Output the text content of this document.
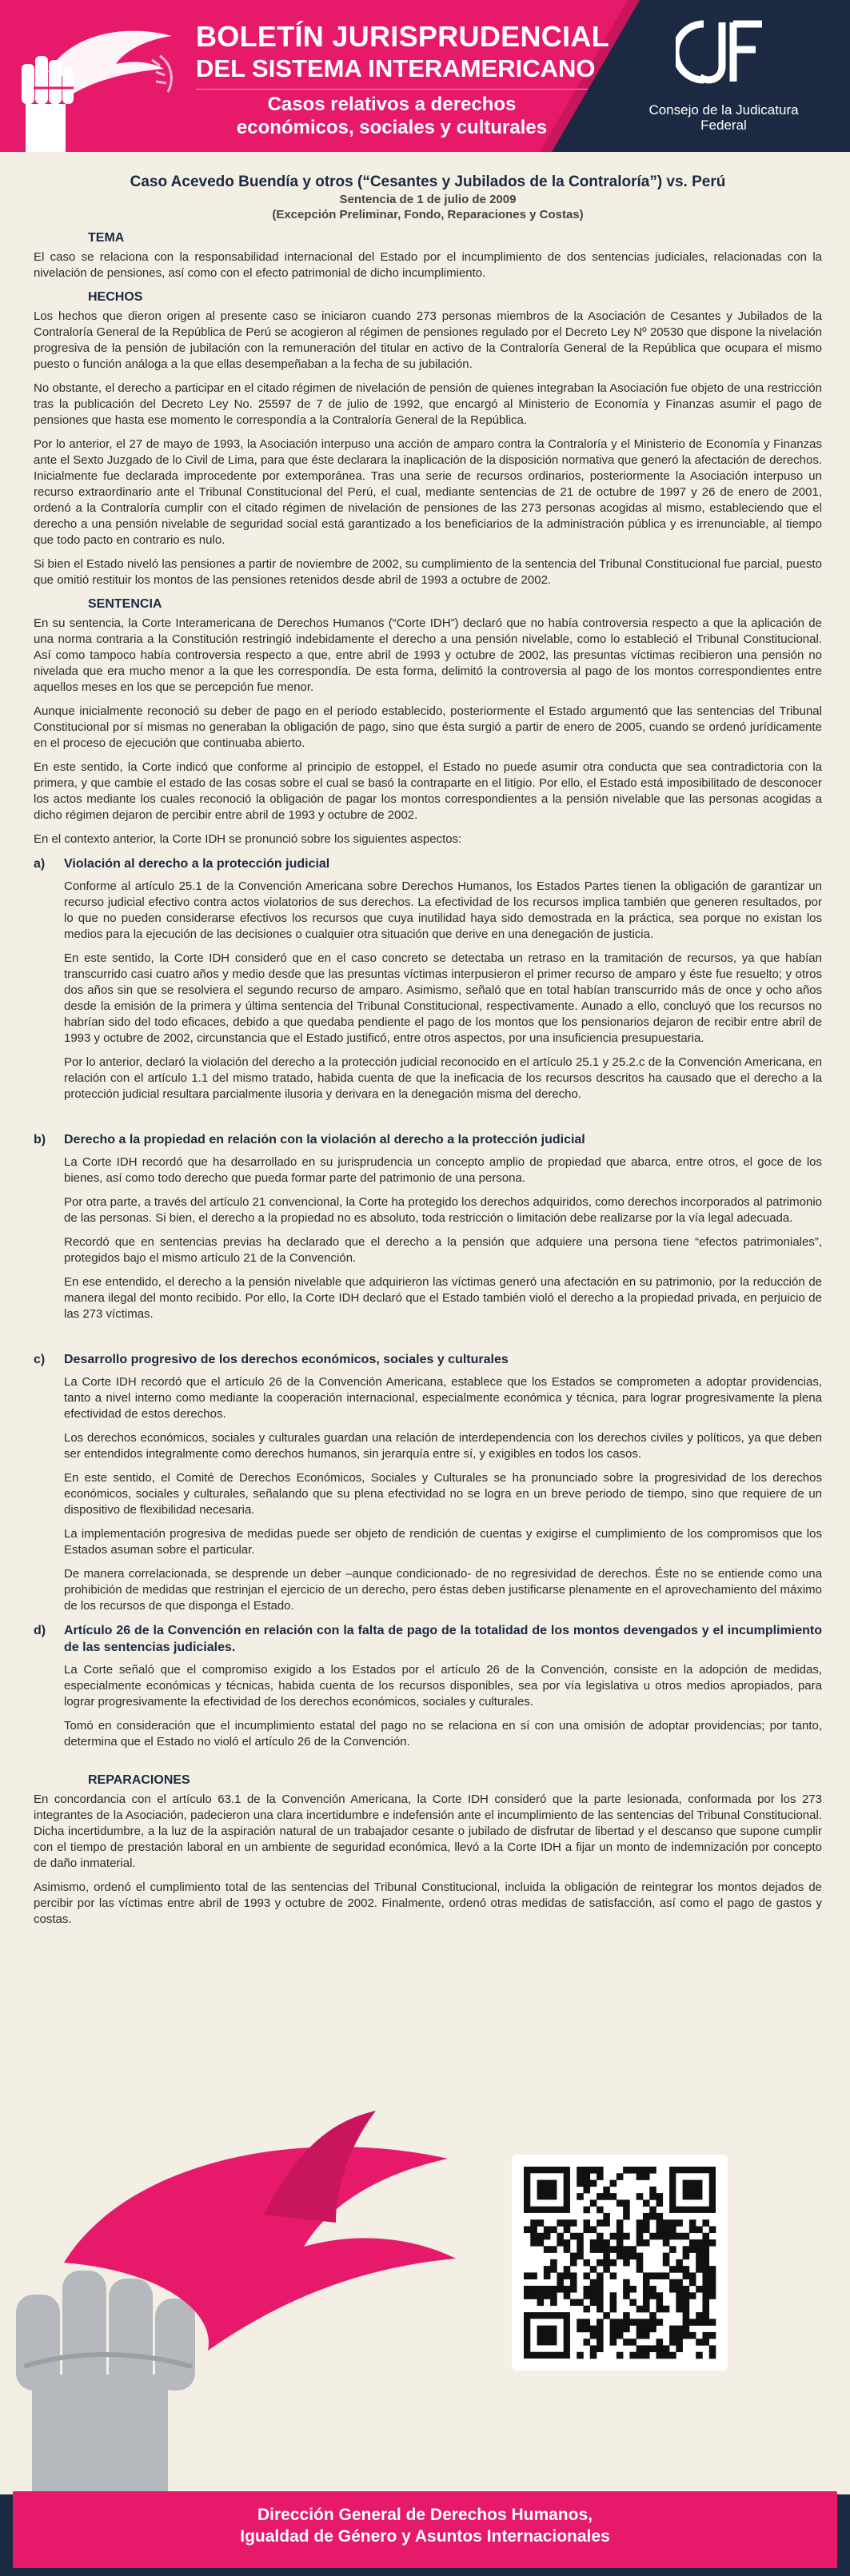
BOLETÍN JURISPRUDENCIAL
DEL SISTEMA INTERAMERICANO

Casos relativos a derechos económicos, sociales y culturales

Consejo de la Judicatura Federal

Caso Acevedo Buendía y otros (“Cesantes y Jubilados de la Contraloría”) vs. Perú

Sentencia de 1 de julio de 2009

(Excepción Preliminar, Fondo, Reparaciones y Costas)

TEMA

El caso se relaciona con la responsabilidad internacional del Estado por el incumplimiento de dos sentencias judiciales, relacionadas con la nivelación de pensiones, así como con el efecto patrimonial de dicho incumplimiento.

HECHOS

Los hechos que dieron origen al presente caso se iniciaron cuando 273 personas miembros de la Asociación de Cesantes y Jubilados de la Contraloría General de la República de Perú se acogieron al régimen de pensiones regulado por el Decreto Ley Nº 20530 que dispone la nivelación progresiva de la pensión de jubilación con la remuneración del titular en activo de la Contraloría General de la República que ocupara el mismo puesto o función análoga a la que ellas desempeñaban a la fecha de su jubilación.

No obstante, el derecho a participar en el citado régimen de nivelación de pensión de quienes integraban la Asociación fue objeto de una restricción tras la publicación del Decreto Ley No. 25597 de 7 de julio de 1992, que encargó al Ministerio de Economía y Finanzas asumir el pago de pensiones que hasta ese momento le correspondía a la Contraloría General de la República.

Por lo anterior, el 27 de mayo de 1993, la Asociación interpuso una acción de amparo contra la Contraloría y el Ministerio de Economía y Finanzas ante el Sexto Juzgado de lo Civil de Lima, para que éste declarara la inaplicación de la disposición normativa que generó la afectación de derechos. Inicialmente fue declarada improcedente por extemporánea. Tras una serie de recursos ordinarios, posteriormente la Asociación interpuso un recurso extraordinario ante el Tribunal Constitucional del Perú, el cual, mediante sentencias de 21 de octubre de 1997 y 26 de enero de 2001, ordenó a la Contraloría cumplir con el citado régimen de nivelación de pensiones de las 273 personas acogidas al mismo, estableciendo que el derecho a una pensión nivelable de seguridad social está garantizado a los beneficiarios de la administración pública y es irrenunciable, al tiempo que todo pacto en contrario es nulo.

Si bien el Estado niveló las pensiones a partir de noviembre de 2002, su cumplimiento de la sentencia del Tribunal Constitucional fue parcial, puesto que omitió restituir los montos de las pensiones retenidos desde abril de 1993 a octubre de 2002.

SENTENCIA

En su sentencia, la Corte Interamericana de Derechos Humanos (“Corte IDH”) declaró que no había controversia respecto a que la aplicación de una norma contraria a la Constitución restringió indebidamente el derecho a una pensión nivelable, como lo estableció el Tribunal Constitucional. Así como tampoco había controversia respecto a que, entre abril de 1993 y octubre de 2002, las presuntas víctimas recibieron una pensión no nivelada que era mucho menor a la que les correspondía. De esta forma, delimitó la controversia al pago de los montos correspondientes entre aquellos meses en los que se percepción fue menor.

Aunque inicialmente reconoció su deber de pago en el periodo establecido, posteriormente el Estado argumentó que las sentencias del Tribunal Constitucional por sí mismas no generaban la obligación de pago, sino que ésta surgió a partir de enero de 2005, cuando se ordenó jurídicamente en el proceso de ejecución que continuaba abierto.

En este sentido, la Corte indicó que conforme al principio de estoppel, el Estado no puede asumir otra conducta que sea contradictoria con la primera, y que cambie el estado de las cosas sobre el cual se basó la contraparte en el litigio. Por ello, el Estado está imposibilitado de desconocer los actos mediante los cuales reconoció la obligación de pagar los montos correspondientes a la pensión nivelable que las personas acogidas a dicho régimen dejaron de percibir entre abril de 1993 y octubre de 2002.

En el contexto anterior, la Corte IDH se pronunció sobre los siguientes aspectos:

a)	Violación al derecho a la protección judicial

Conforme al artículo 25.1 de la Convención Americana sobre Derechos Humanos, los Estados Partes tienen la obligación de garantizar un recurso judicial efectivo contra actos violatorios de sus derechos. La efectividad de los recursos implica también que generen resultados, por lo que no pueden considerarse efectivos los recursos que cuya inutilidad haya sido demostrada en la práctica, sea porque no existan los medios para la ejecución de las decisiones o cualquier otra situación que derive en una denegación de justicia.

En este sentido, la Corte IDH consideró que en el caso concreto se detectaba un retraso en la tramitación de recursos, ya que habían transcurrido casi cuatro años y medio desde que las presuntas víctimas interpusieron el primer recurso de amparo y éste fue resuelto; y otros dos años sin que se resolviera el segundo recurso de amparo. Asimismo, señaló que en total habían transcurrido más de once y ocho años desde la emisión de la primera y última sentencia del Tribunal Constitucional, respectivamente. Aunado a ello, concluyó que los recursos no habrían sido del todo eficaces, debido a que quedaba pendiente el pago de los montos que los pensionarios dejaron de recibir entre abril de 1993 y octubre de 2002, circunstancia que el Estado justificó, entre otros aspectos, por una insuficiencia presupuestaria.

Por lo anterior, declaró la violación del derecho a la protección judicial reconocido en el artículo 25.1 y 25.2.c de la Convención Americana, en relación con el artículo 1.1 del mismo tratado, habida cuenta de que la ineficacia de los recursos descritos ha causado que el derecho a la protección judicial resultara parcialmente ilusoria y derivara en la denegación misma del derecho.

b)	Derecho a la propiedad en relación con la violación al derecho a la protección judicial

La Corte IDH recordó que ha desarrollado en su jurisprudencia un concepto amplio de propiedad que abarca, entre otros, el goce de los bienes, así como todo derecho que pueda formar parte del patrimonio de una persona.

Por otra parte, a través del artículo 21 convencional, la Corte ha protegido los derechos adquiridos, como derechos incorporados al patrimonio de las personas. Si bien, el derecho a la propiedad no es absoluto, toda restricción o limitación debe realizarse por la vía legal adecuada.

Recordó que en sentencias previas ha declarado que el derecho a la pensión que adquiere una persona tiene “efectos patrimoniales”, protegidos bajo el mismo artículo 21 de la Convención.

En ese entendido, el derecho a la pensión nivelable que adquirieron las víctimas generó una afectación en su patrimonio, por la reducción de manera ilegal del monto recibido. Por ello, la Corte IDH declaró que el Estado también violó el derecho a la propiedad privada, en perjuicio de las 273 víctimas.

c)	Desarrollo progresivo de los derechos económicos, sociales y culturales

La Corte IDH recordó que el artículo 26 de la Convención Americana, establece que los Estados se comprometen a adoptar providencias, tanto a nivel interno como mediante la cooperación internacional, especialmente económica y técnica, para lograr progresivamente la plena efectividad de estos derechos.

Los derechos económicos, sociales y culturales guardan una relación de interdependencia con los derechos civiles y políticos, ya que deben ser entendidos integralmente como derechos humanos, sin jerarquía entre sí, y exigibles en todos los casos.

En este sentido, el Comité de Derechos Económicos, Sociales y Culturales se ha pronunciado sobre la progresividad de los derechos económicos, sociales y culturales, señalando que su plena efectividad no se logra en un breve periodo de tiempo, sino que requiere de un dispositivo de flexibilidad necesaria.

La implementación progresiva de medidas puede ser objeto de rendición de cuentas y exigirse el cumplimiento de los compromisos que los Estados asuman sobre el particular.

De manera correlacionada, se desprende un deber –aunque condicionado- de no regresividad de derechos. Éste no se entiende como una prohibición de medidas que restrinjan el ejercicio de un derecho, pero éstas deben justificarse plenamente en el aprovechamiento del máximo de los recursos de que disponga el Estado.

d)	Artículo 26 de la Convención en relación con la falta de pago de la totalidad de los montos devengados y el incumplimiento de las sentencias judiciales.

La Corte señaló que el compromiso exigido a los Estados por el artículo 26 de la Convención, consiste en la adopción de medidas, especialmente económicas y técnicas, habida cuenta de los recursos disponibles, sea por vía legislativa u otros medios apropiados, para lograr progresivamente la efectividad de los derechos económicos, sociales y culturales.

Tomó en consideración que el incumplimiento estatal del pago no se relaciona en sí con una omisión de adoptar providencias; por tanto, determina que el Estado no violó el artículo 26 de la Convención.

REPARACIONES

En concordancia con el artículo 63.1 de la Convención Americana, la Corte IDH consideró que la parte lesionada, conformada por los 273 integrantes de la Asociación, padecieron una clara incertidumbre e indefensión ante el incumplimiento de las sentencias del Tribunal Constitucional. Dicha incertidumbre, a la luz de la aspiración natural de un trabajador cesante o jubilado de disfrutar de libertad y el descanso que supone cumplir con el tiempo de prestación laboral en un ambiente de seguridad económica, llevó a la Corte IDH a fijar un monto de indemnización por concepto de daño inmaterial.

Asimismo, ordenó el cumplimiento total de las sentencias del Tribunal Constitucional, incluida la obligación de reintegrar los montos dejados de percibir por las víctimas entre abril de 1993 y octubre de 2002. Finalmente, ordenó otras medidas de satisfacción, así como el pago de gastos y costas.

Dirección General de Derechos Humanos,
Igualdad de Género y Asuntos Internacionales
